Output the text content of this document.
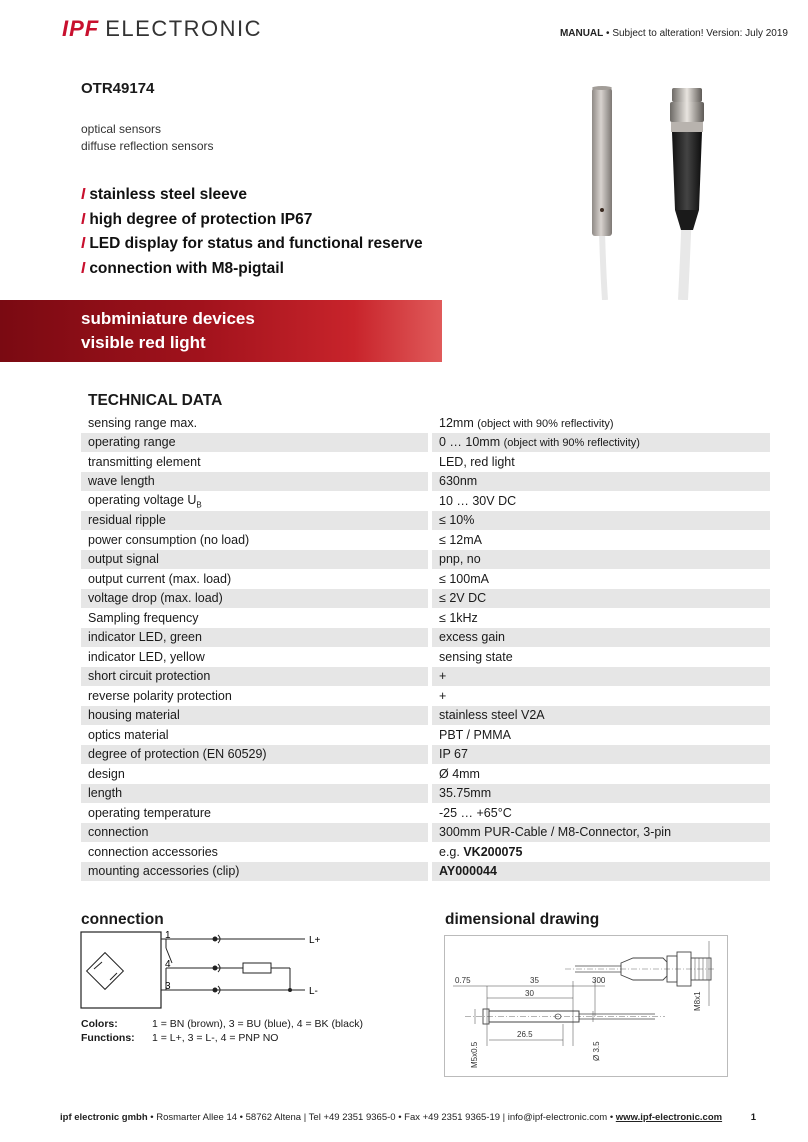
IPF ELECTRONIC	MANUAL • Subject to alteration! Version: July 2019
OTR49174
optical sensors
diffuse reflection sensors
I stainless steel sleeve
I high degree of protection IP67
I LED display for status and functional reserve
I connection with M8-pigtail
subminiature devices
visible red light
TECHNICAL DATA
sensing range max.	12mm (object with 90% reflectivity)
operating range	0 … 10mm (object with 90% reflectivity)
transmitting element	LED, red light
wave length	630nm
operating voltage $U_B$	10 … 30V DC
residual ripple	≤ 10%
power consumption (no load)	≤ 12mA
output signal	pnp, no
output current (max. load)	≤ 100mA
voltage drop (max. load)	≤ 2V DC
Sampling frequency	≤ 1kHz
indicator LED, green	excess gain
indicator LED, yellow	sensing state
short circuit protection	+
reverse polarity protection	+
housing material	stainless steel V2A
optics material	PBT / PMMA
degree of protection (EN 60529)	IP 67
design	Ø 4mm
length	35.75mm
operating temperature	-25 … +65°C
connection	300mm PUR-Cable / M8-Connector, 3-pin
connection accessories	e.g. VK200075
mounting accessories (clip)	AY000044
connection
1
4
3
L+
L-
Colors:	1 = BN (brown), 3 = BU (blue), 4 = BK (black)
Functions: 1 = L+, 3 = L-, 4 = PNP NO
dimensional drawing
M8x1
0.75	35	300
30
26.5
M5x0.5	Ø 3.5
ipf electronic gmbh • Rosmarter Allee 14 • 58762 Altena | Tel +49 2351 9365-0 • Fax +49 2351 9365-19 | info@ipf-electronic.com • www.ipf-electronic.com	1
